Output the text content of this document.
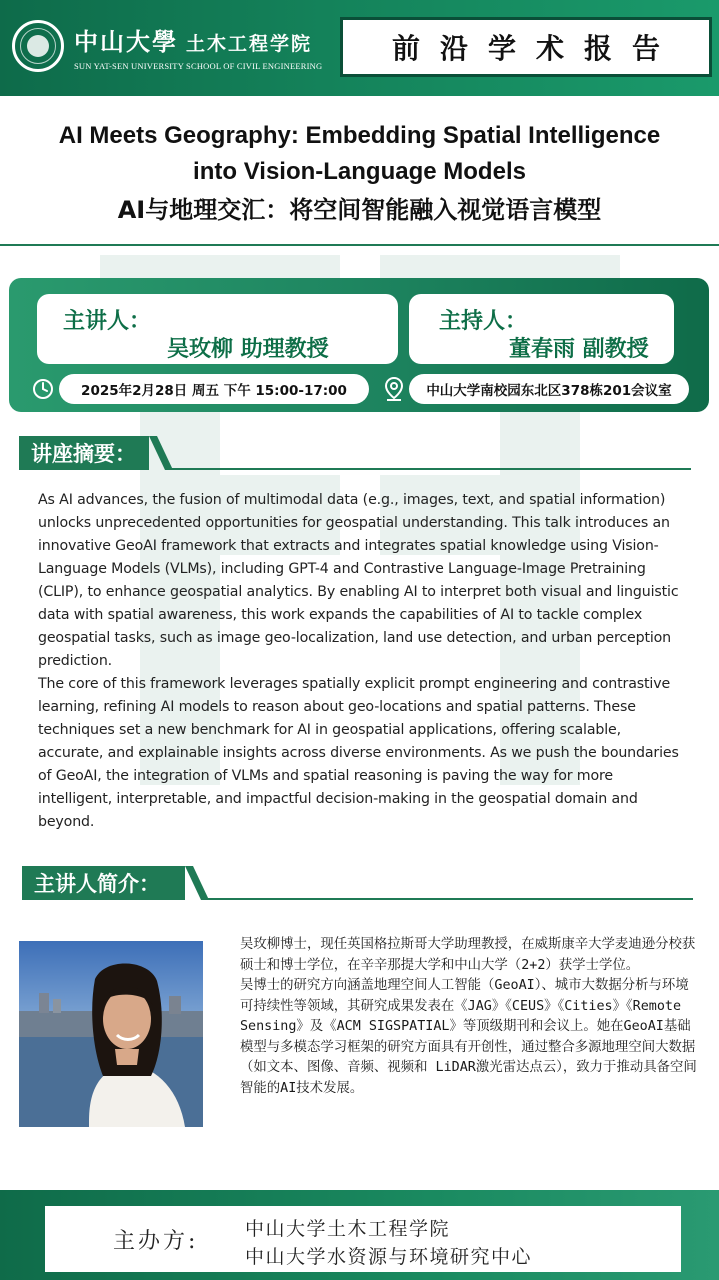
中山大學 土木工程学院
SUN YAT-SEN UNIVERSITY SCHOOL OF CIVIL ENGINEERING
前沿学术报告
AI Meets Geography: Embedding Spatial Intelligence
into Vision-Language Models
AI与地理交汇：将空间智能融入视觉语言模型
主讲人：
吴玫柳 助理教授
主持人：
董春雨 副教授
2025年2月28日 周五 下午 15:00-17:00	中山大学南校园东北区378栋201会议室
讲座摘要：

As AI advances, the fusion of multimodal data (e.g., images, text, and spatial information) unlocks unprecedented opportunities for geospatial understanding. This talk introduces an innovative GeoAI framework that extracts and integrates spatial knowledge using Vision-Language Models (VLMs), including GPT-4 and Contrastive Language-Image Pretraining (CLIP), to enhance geospatial analytics. By enabling AI to interpret both visual and linguistic data with spatial awareness, this work expands the capabilities of AI to tackle complex geospatial tasks, such as image geo-localization, land use detection, and urban perception prediction.

The core of this framework leverages spatially explicit prompt engineering and contrastive learning, refining AI models to reason about geo-locations and spatial patterns. These techniques set a new benchmark for AI in geospatial applications, offering scalable, accurate, and explainable insights across diverse environments. As we push the boundaries of GeoAI, the integration of VLMs and spatial reasoning is paving the way for more intelligent, interpretable, and impactful decision-making in the geospatial domain and beyond.

主讲人简介：

吴玫柳博士，现任英国格拉斯哥大学助理教授，在威斯康辛大学麦迪逊分校获硕士和博士学位，在辛辛那提大学和中山大学（2+2）获学士学位。

吴博士的研究方向涵盖地理空间人工智能（GeoAI）、城市大数据分析与环境可持续性等领域，其研究成果发表在《JAG》《CEUS》《Cities》《Remote Sensing》及《ACM SIGSPATIAL》等顶级期刊和会议上。她在GeoAI基础模型与多模态学习框架的研究方面具有开创性，通过整合多源地理空间大数据（如文本、图像、音频、视频和 LiDAR激光雷达点云），致力于推动具备空间智能的AI技术发展。

主办方: 中山大学土木工程学院
中山大学水资源与环境研究中心
